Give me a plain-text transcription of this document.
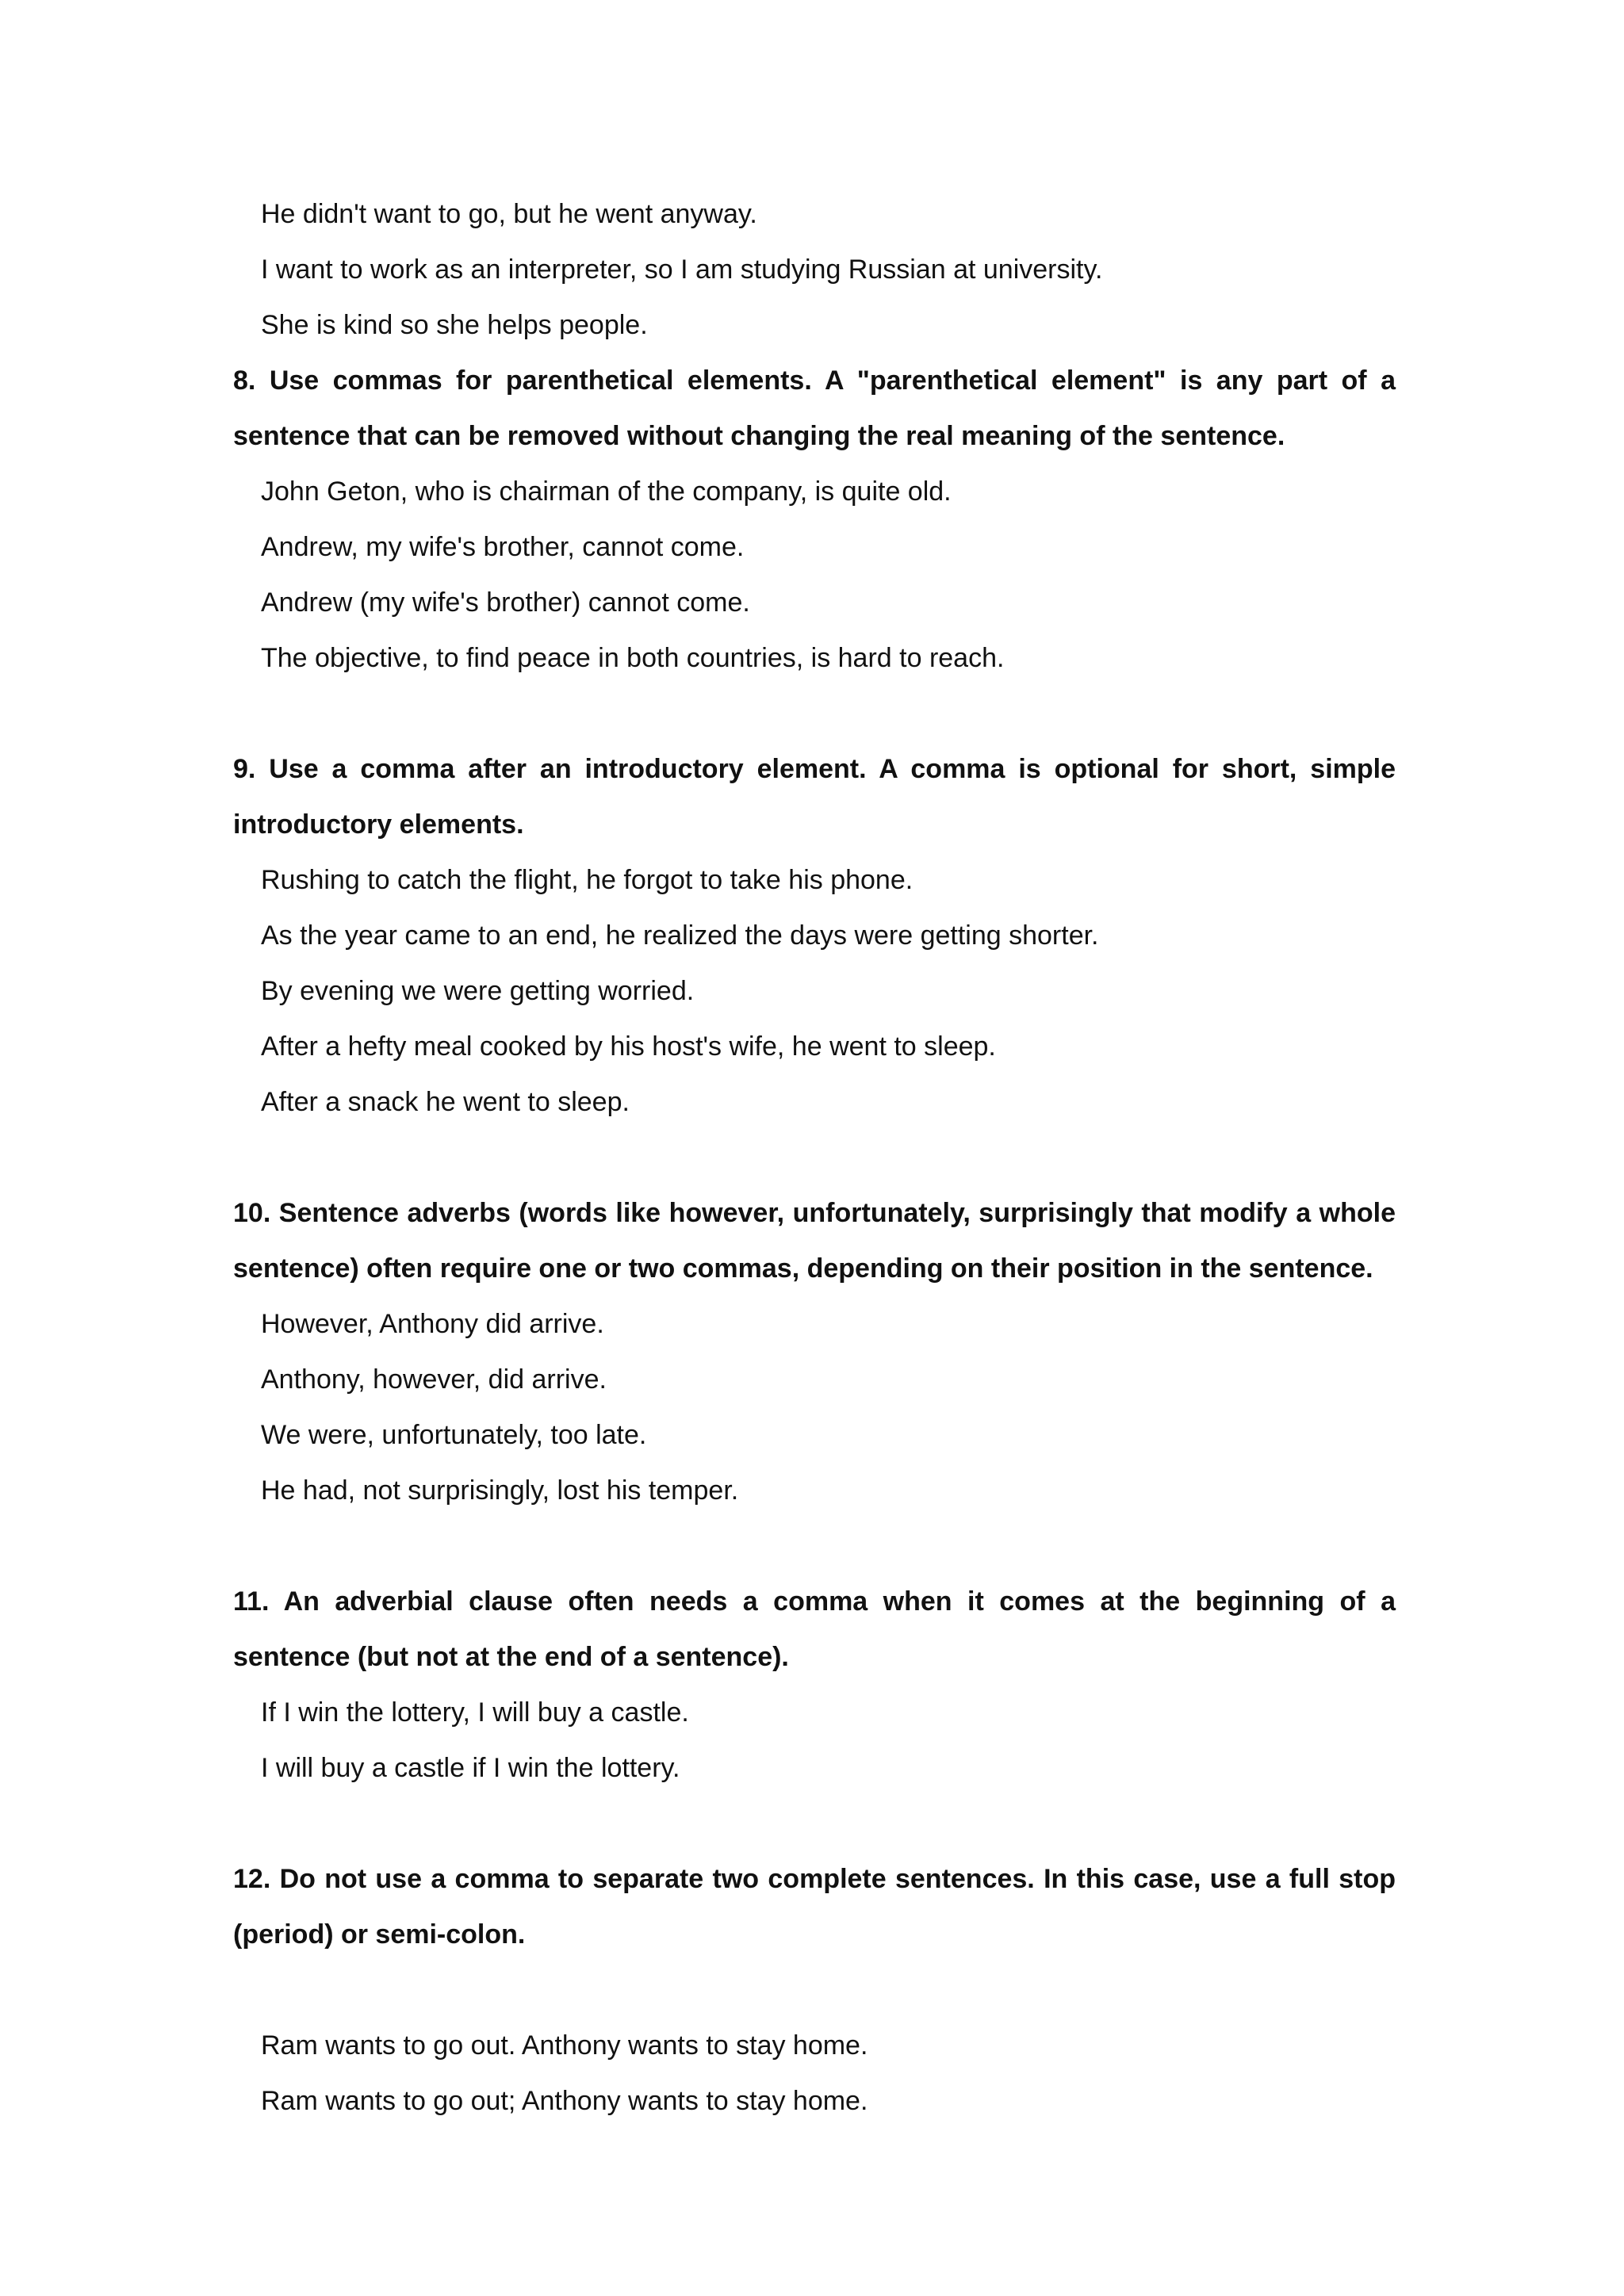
He didn't want to go, but he went anyway.
I want to work as an interpreter, so I am studying Russian at university.
She is kind so she helps people.
8. Use commas for parenthetical elements. A "parenthetical element" is any part of a sentence that can be removed without changing the real meaning of the sentence.
John Geton, who is chairman of the company, is quite old.
Andrew, my wife's brother, cannot come.
Andrew (my wife's brother) cannot come.
The objective, to find peace in both countries, is hard to reach.
9. Use a comma after an introductory element. A comma is optional for short, simple introductory elements.
Rushing to catch the flight, he forgot to take his phone.
As the year came to an end, he realized the days were getting shorter.
By evening we were getting worried.
After a hefty meal cooked by his host's wife, he went to sleep.
After a snack he went to sleep.
10. Sentence adverbs (words like however, unfortunately, surprisingly that modify a whole sentence) often require one or two commas, depending on their position in the sentence.
However, Anthony did arrive.
Anthony, however, did arrive.
We were, unfortunately, too late.
He had, not surprisingly, lost his temper.
11. An adverbial clause often needs a comma when it comes at the beginning of a sentence (but not at the end of a sentence).
If I win the lottery, I will buy a castle.
I will buy a castle if I win the lottery.
12. Do not use a comma to separate two complete sentences. In this case, use a full stop (period) or semi-colon.
Ram wants to go out. Anthony wants to stay home.
Ram wants to go out; Anthony wants to stay home.
